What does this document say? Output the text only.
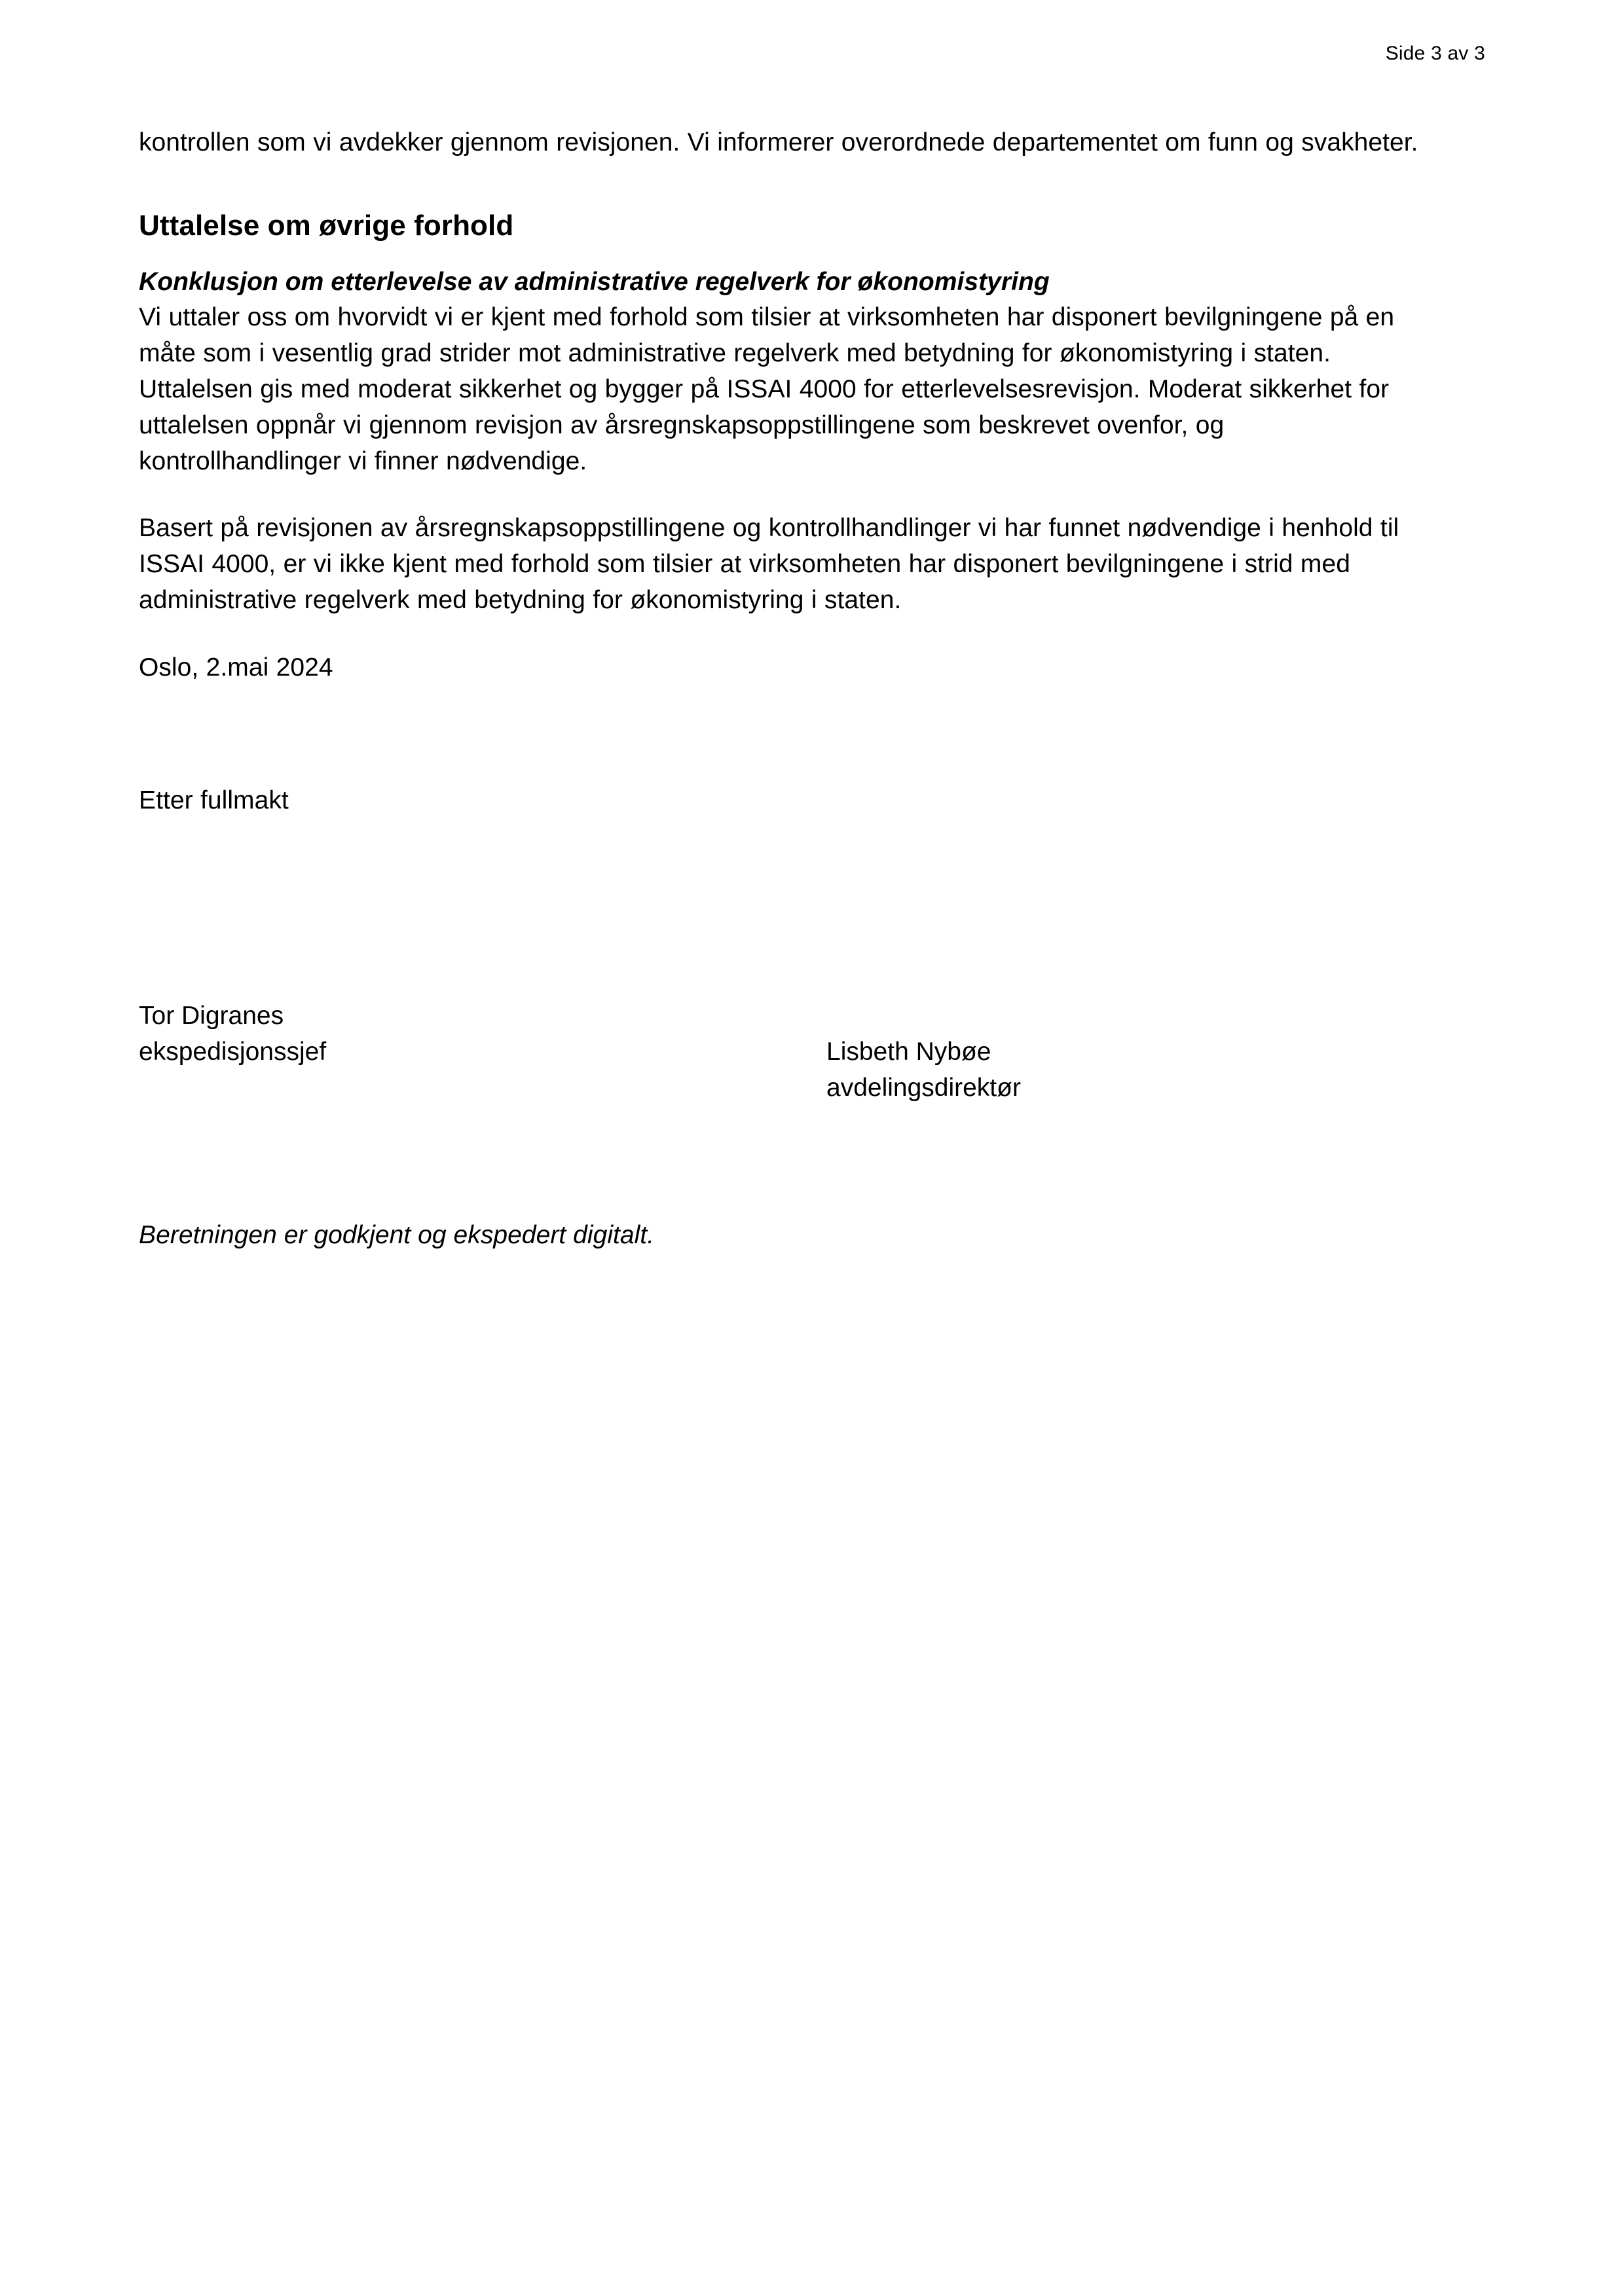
Side 3 av 3

kontrollen som vi avdekker gjennom revisjonen. Vi informerer overordnede departementet om funn og svakheter.

Uttalelse om øvrige forhold
Konklusjon om etterlevelse av administrative regelverk for økonomistyring

Vi uttaler oss om hvorvidt vi er kjent med forhold som tilsier at virksomheten har disponert bevilgningene på en måte som i vesentlig grad strider mot administrative regelverk med betydning for økonomistyring i staten. Uttalelsen gis med moderat sikkerhet og bygger på ISSAI 4000 for etterlevelsesrevisjon. Moderat sikkerhet for uttalelsen oppnår vi gjennom revisjon av årsregnskapsoppstillingene som beskrevet ovenfor, og kontrollhandlinger vi finner nødvendige.

Basert på revisjonen av årsregnskapsoppstillingene og kontrollhandlinger vi har funnet nødvendige i henhold til ISSAI 4000, er vi ikke kjent med forhold som tilsier at virksomheten har disponert bevilgningene i strid med administrative regelverk med betydning for økonomistyring i staten.

Oslo, 2.mai 2024

Etter fullmakt

Tor Digranes
ekspedisjonssjef	Lisbeth Nybøe
avdelingsdirektør

Beretningen er godkjent og ekspedert digitalt.
